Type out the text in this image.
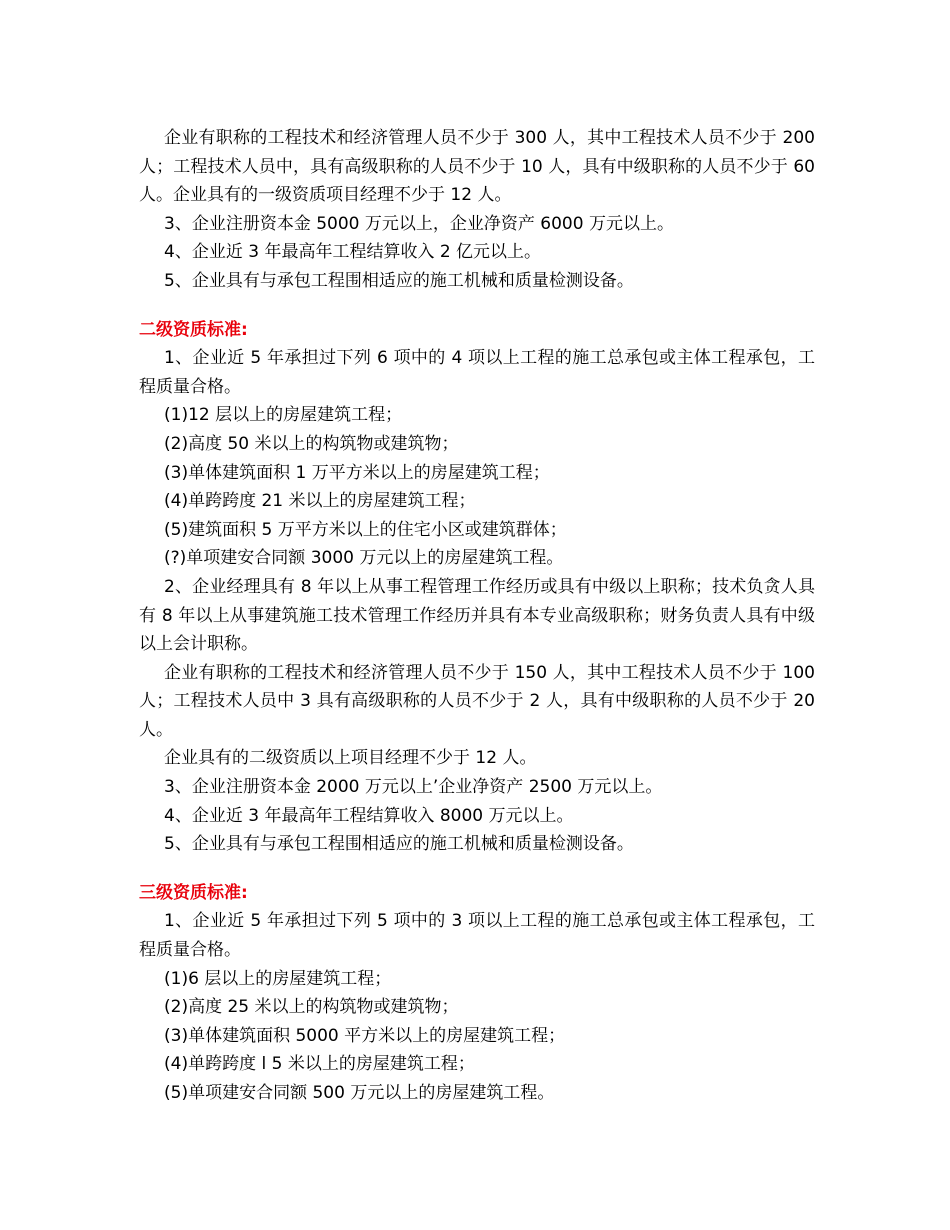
企业有职称的工程技术和经济管理人员不少于 300 人，其中工程技术人员不少于 200 人；工程技术人员中，具有高级职称的人员不少于 10 人，具有中级职称的人员不少于 60 人。企业具有的一级资质项目经理不少于 12 人。

3、企业注册资本金 5000 万元以上，企业净资产 6000 万元以上。

4、企业近 3 年最高年工程结算收入 2 亿元以上。

5、企业具有与承包工程围相适应的施工机械和质量检测设备。

二级资质标准:

1、企业近 5 年承担过下列 6 项中的 4 项以上工程的施工总承包或主体工程承包，工程质量合格。

(1)12 层以上的房屋建筑工程；

(2)高度 50 米以上的构筑物或建筑物；

(3)单体建筑面积 1 万平方米以上的房屋建筑工程；

(4)单跨跨度 21 米以上的房屋建筑工程；

(5)建筑面积 5 万平方米以上的住宅小区或建筑群体；

(?)单项建安合同额 3000 万元以上的房屋建筑工程。

2、企业经理具有 8 年以上从事工程管理工作经历或具有中级以上职称；技术负贪人具有 8 年以上从事建筑施工技术管理工作经历并具有本专业高级职称；财务负责人具有中级以上会计职称。

企业有职称的工程技术和经济管理人员不少于 150 人，其中工程技术人员不少于 100 人；工程技术人员中 3 具有高级职称的人员不少于 2 人，具有中级职称的人员不少于 20 人。

企业具有的二级资质以上项目经理不少于 12 人。

3、企业注册资本金 2000 万元以上’企业净资产 2500 万元以上。

4、企业近 3 年最高年工程结算收入 8000 万元以上。

5、企业具有与承包工程围相适应的施工机械和质量检测设备。

三级资质标准:

1、企业近 5 年承担过下列 5 项中的 3 项以上工程的施工总承包或主体工程承包，工程质量合格。

(1)6 层以上的房屋建筑工程；

(2)高度 25 米以上的构筑物或建筑物；

(3)单体建筑面积 5000 平方米以上的房屋建筑工程；

(4)单跨跨度 l 5 米以上的房屋建筑工程；

(5)单项建安合同额 500 万元以上的房屋建筑工程。
